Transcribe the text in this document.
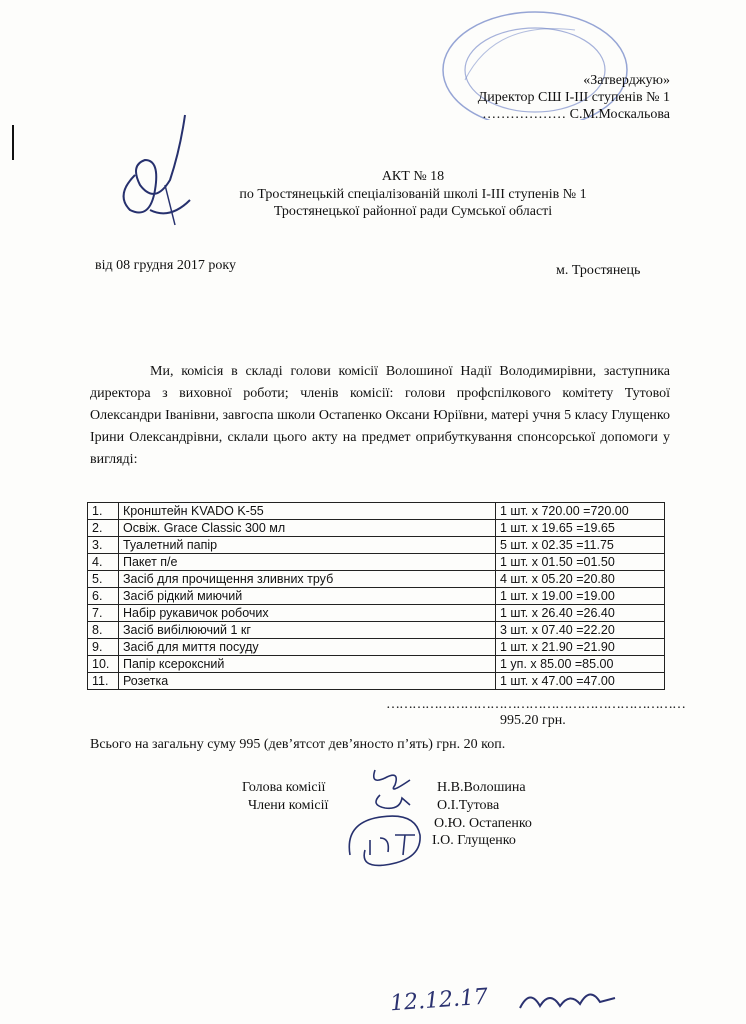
«Затверджую»
Директор СШ I-III ступенів № 1
……………… С.М.Москальова
АКТ № 18
по Тростянецькій спеціалізованій школі І-ІІІ ступенів № 1
Тростянецької районної ради Сумської області
від 08 грудня 2017 року	м. Тростянець
Ми, комісія в складі голови комісії Волошиної Надії Володимирівни, заступника директора з виховної роботи; членів комісії: голови профспілкового комітету Тутової Олександри Іванівни, завгоспа школи Остапенко Оксани Юріївни, матері учня 5 класу Глущенко Ірини Олександрівни, склали цього акту на предмет оприбуткування спонсорської допомоги у вигляді:
1.	Кронштейн KVADO K-55	1 шт. х 720.00 =720.00
2.	Освіж. Grace Classic 300 мл	1 шт. х 19.65 =19.65
3.	Туалетний папір	5 шт. х 02.35 =11.75
4.	Пакет п/е	1 шт. х 01.50 =01.50
5.	Засіб для прочищення зливних труб	4 шт. х 05.20 =20.80
6.	Засіб рідкий миючий	1 шт. х 19.00 =19.00
7.	Набір рукавичок робочих	1 шт. х 26.40 =26.40
8.	Засіб вибілюючий 1 кг	3 шт. х 07.40 =22.20
9.	Засіб для миття посуду	1 шт. х 21.90 =21.90
10.	Папір ксероксний	1 уп. х 85.00 =85.00
11.	Розетка	1 шт. х 47.00 =47.00
……………………………………………………………
995.20 грн.
Всього на загальну суму 995 (дев’ятсот дев’яносто п’ять) грн. 20 коп.
Голова комісії
Члени комісії
Н.В.Волошина
О.І.Тутова
О.Ю. Остапенко
І.О. Глущенко
12.12.17
